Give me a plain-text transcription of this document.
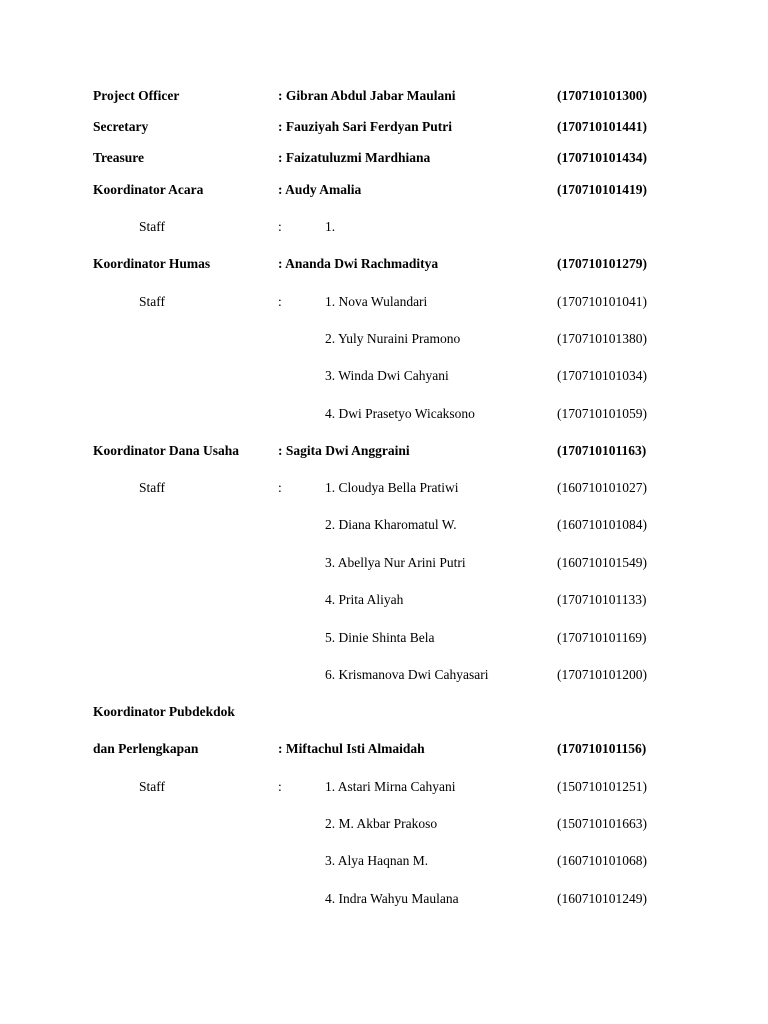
Project Officer	: Gibran Abdul Jabar Maulani	(170710101300)
Secretary	: Fauziyah Sari Ferdyan Putri	(170710101441)
Treasure	: Faizatuluzmi Mardhiana	(170710101434)
Koordinator Acara	: Audy Amalia	(170710101419)
Staff	:	1.
Koordinator Humas	: Ananda Dwi Rachmaditya	(170710101279)
Staff	:	1. Nova Wulandari	(170710101041)
2. Yuly Nuraini Pramono	(170710101380)
3. Winda Dwi Cahyani	(170710101034)
4. Dwi Prasetyo Wicaksono	(170710101059)
Koordinator Dana Usaha	: Sagita Dwi Anggraini	(170710101163)
Staff	:	1. Cloudya Bella Pratiwi	(160710101027)
2. Diana Kharomatul W.	(160710101084)
3. Abellya Nur Arini Putri	(160710101549)
4. Prita Aliyah	(170710101133)
5. Dinie Shinta Bela	(170710101169)
6. Krismanova Dwi Cahyasari	(170710101200)
Koordinator Pubdekdok
dan Perlengkapan	: Miftachul Isti Almaidah	(170710101156)
Staff	:	1. Astari Mirna Cahyani	(150710101251)
2. M. Akbar Prakoso	(150710101663)
3. Alya Haqnan M.	(160710101068)
4. Indra Wahyu Maulana	(160710101249)
